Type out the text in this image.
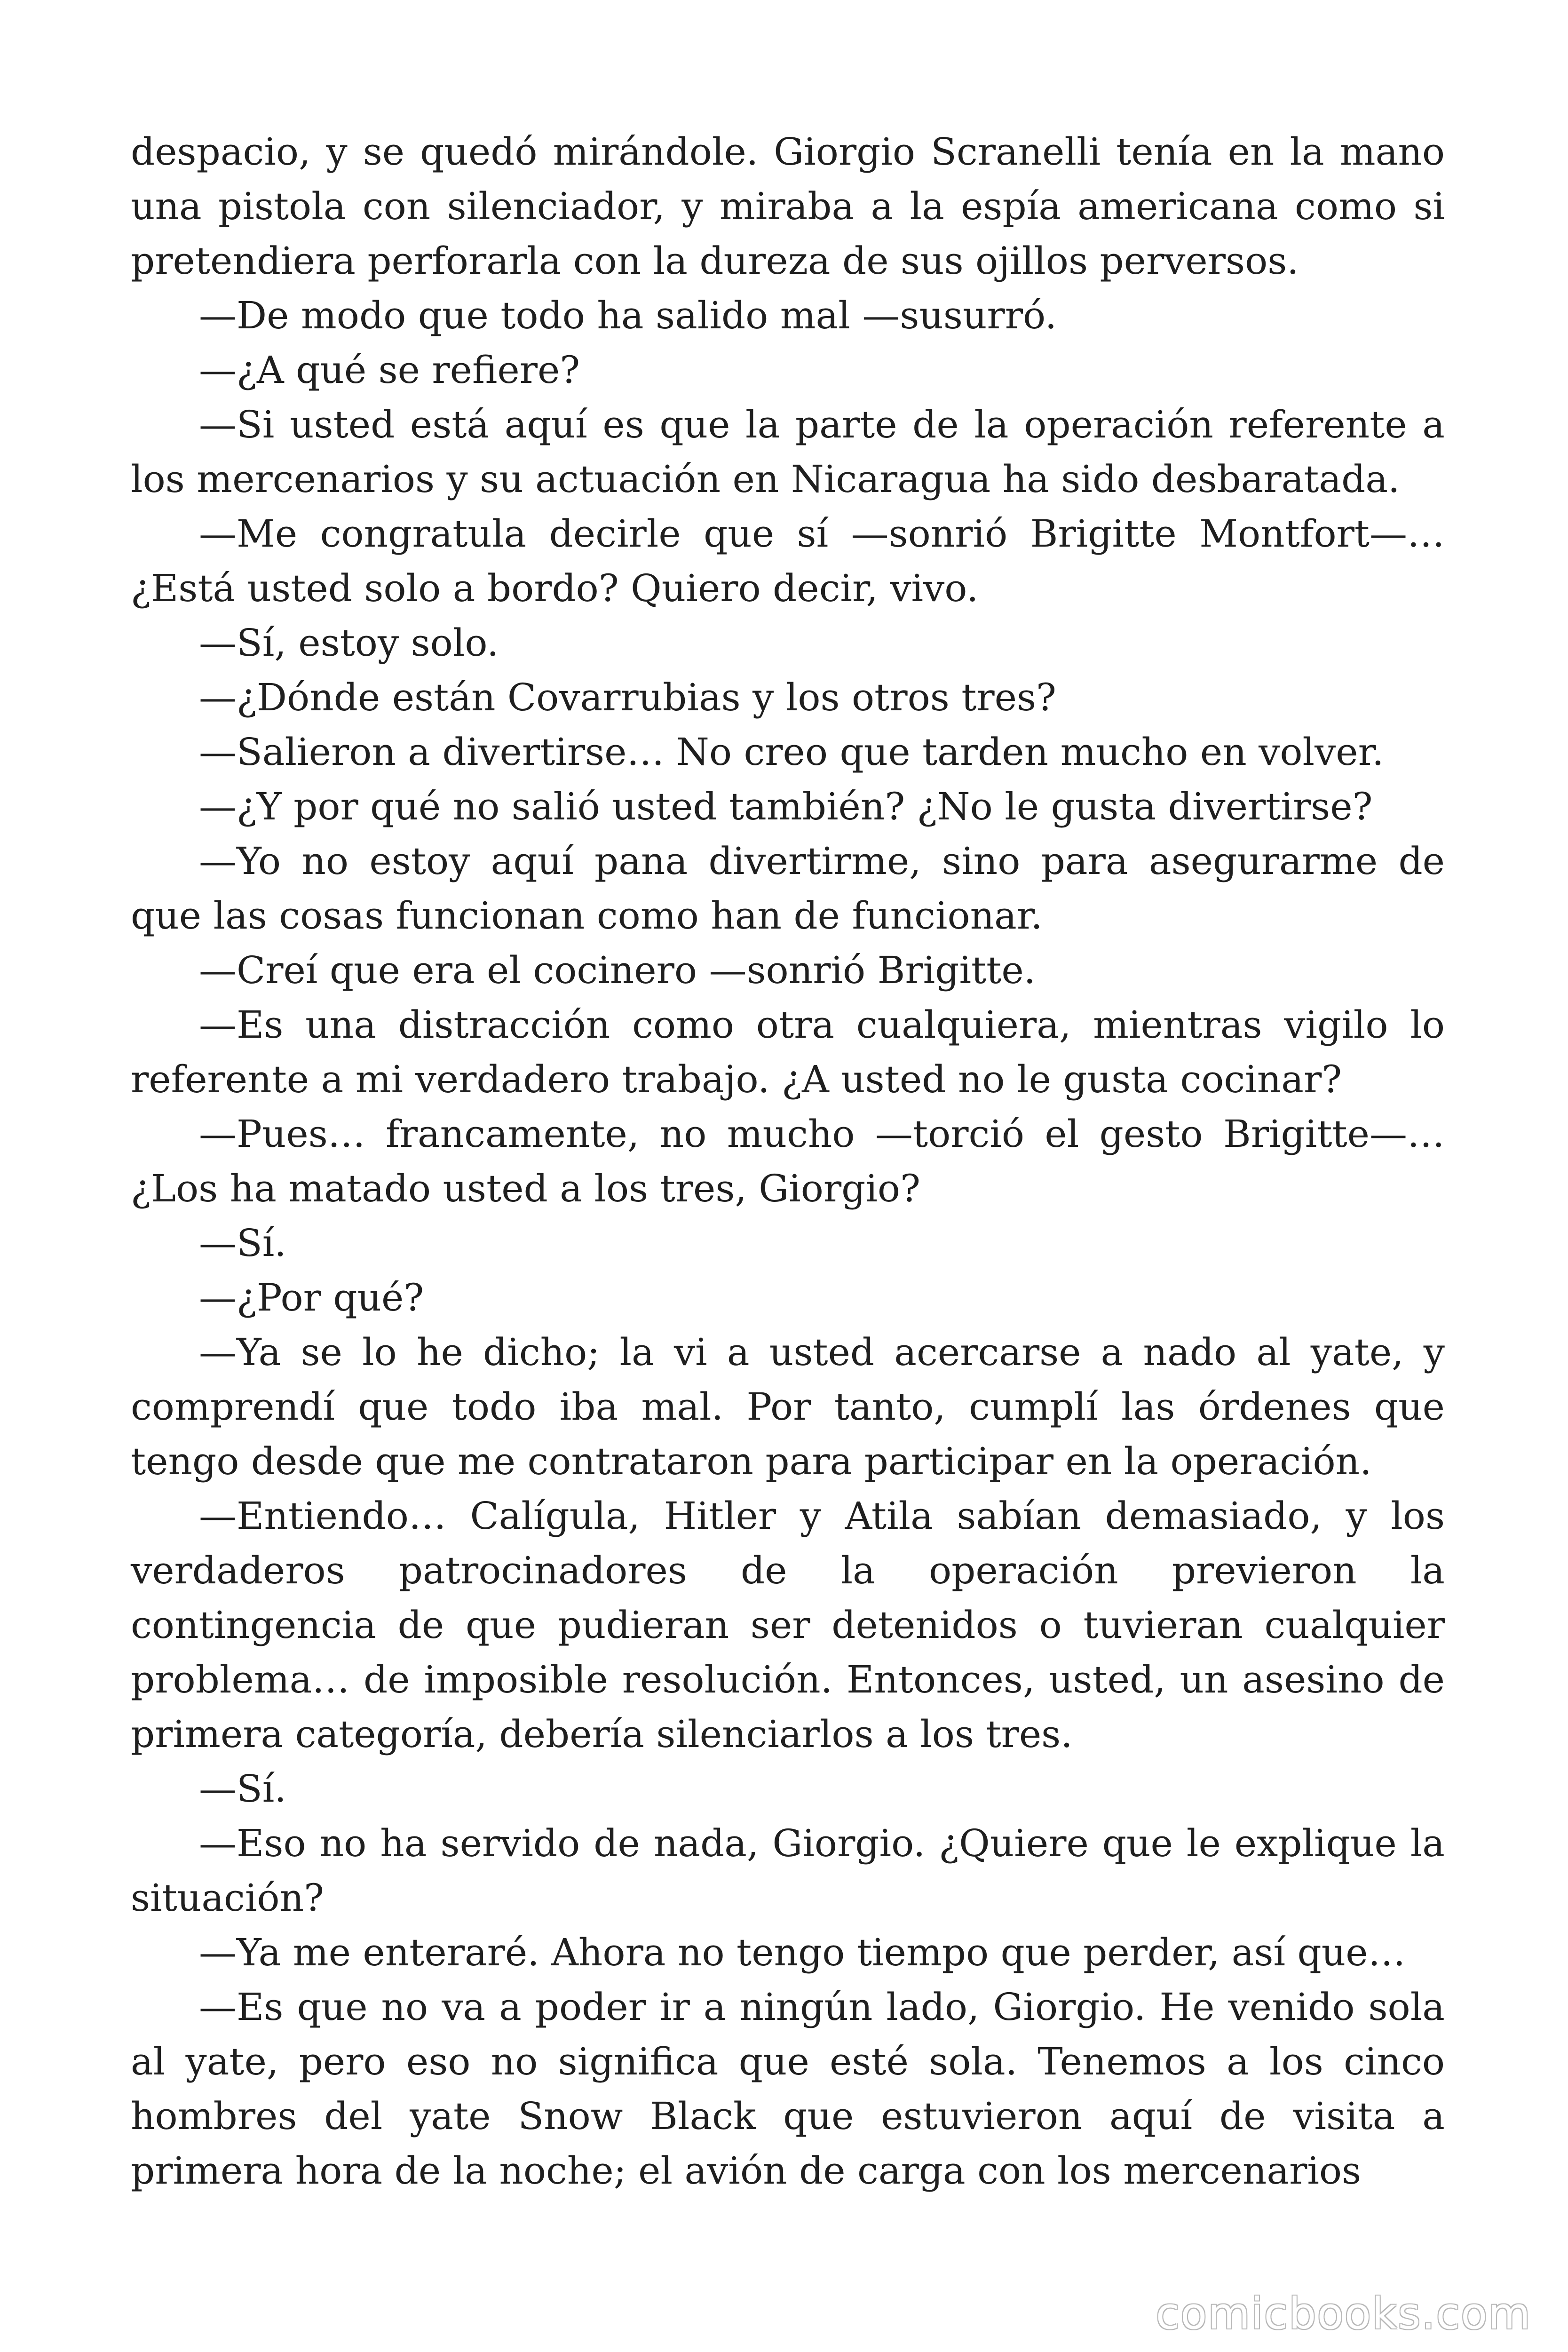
despacio, y se quedó mirándole. Giorgio Scranelli tenía en la mano una pistola con silenciador, y miraba a la espía americana como si pretendiera perforarla con la dureza de sus ojillos perversos.

—De modo que todo ha salido mal —susurró.

—¿A qué se refiere?

—Si usted está aquí es que la parte de la operación referente a los mercenarios y su actuación en Nicaragua ha sido desbaratada.

—Me congratula decirle que sí —sonrió Brigitte Montfort—… ¿Está usted solo a bordo? Quiero decir, vivo.

—Sí, estoy solo.

—¿Dónde están Covarrubias y los otros tres?

—Salieron a divertirse… No creo que tarden mucho en volver.

—¿Y por qué no salió usted también? ¿No le gusta divertirse?

—Yo no estoy aquí pana divertirme, sino para asegurarme de que las cosas funcionan como han de funcionar.

—Creí que era el cocinero —sonrió Brigitte.

—Es una distracción como otra cualquiera, mientras vigilo lo referente a mi verdadero trabajo. ¿A usted no le gusta cocinar?

—Pues… francamente, no mucho —torció el gesto Brigitte—… ¿Los ha matado usted a los tres, Giorgio?

—Sí.

—¿Por qué?

—Ya se lo he dicho; la vi a usted acercarse a nado al yate, y comprendí que todo iba mal. Por tanto, cumplí las órdenes que tengo desde que me contrataron para participar en la operación.

—Entiendo… Calígula, Hitler y Atila sabían demasiado, y los verdaderos patrocinadores de la operación previeron la contingencia de que pudieran ser detenidos o tuvieran cualquier problema… de imposible resolución. Entonces, usted, un asesino de primera categoría, debería silenciarlos a los tres.

—Sí.

—Eso no ha servido de nada, Giorgio. ¿Quiere que le explique la situación?

—Ya me enteraré. Ahora no tengo tiempo que perder, así que…

—Es que no va a poder ir a ningún lado, Giorgio. He venido sola al yate, pero eso no significa que esté sola. Tenemos a los cinco hombres del yate Snow Black que estuvieron aquí de visita a primera hora de la noche; el avión de carga con los mercenarios

comicbooks.com
